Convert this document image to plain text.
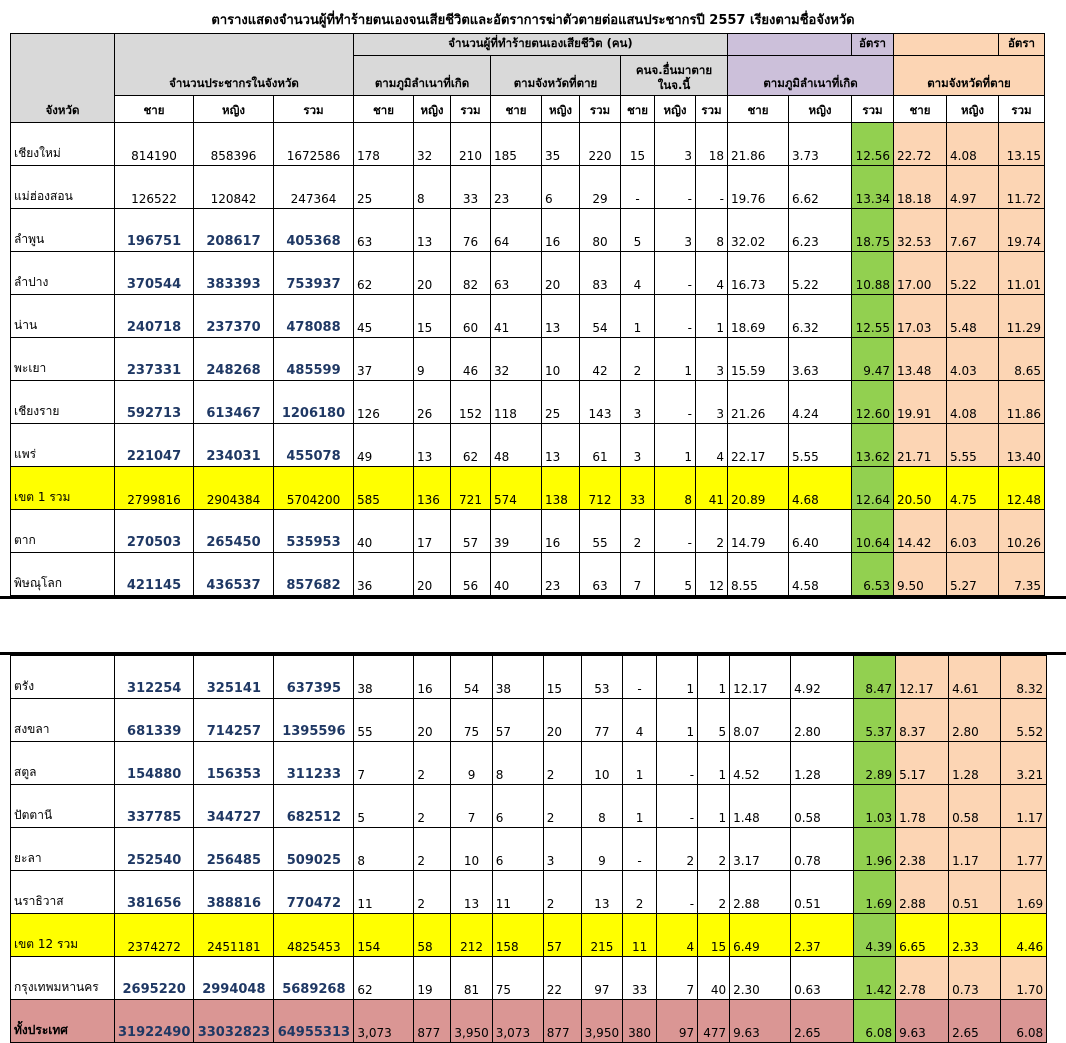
ตารางแสดงจำนวนผู้ที่ทำร้ายตนเองจนเสียชีวิตและอัตราการฆ่าตัวตายต่อแสนประชากรปี 2557 เรียงตามชื่อจังหวัด
จังหวัด	จำนวนประชากรในจังหวัด			จำนวนผู้ที่ทำร้ายตนเองเสียชีวิต (คน)											อัตรา			อัตรา
				ตามภูมิลำเนาที่เกิด			ตามจังหวัดที่ตาย			คนจ.อื่นมาตาย
ในจ.นี้			ตามภูมิลำเนาที่เกิด			ตามจังหวัดที่ตาย		
	ชาย	หญิง	รวม	ชาย	หญิง	รวม	ชาย	หญิง	รวม	ชาย	หญิง	รวม	ชาย	หญิง	รวม	ชาย	หญิง	รวม
เชียงใหม่	814190	858396	1672586	178	32	210	185	35	220	15	3	18	21.86	3.73	12.56	22.72	4.08	13.15
แม่ฮ่องสอน	126522	120842	247364	25	8	33	23	6	29	-	-	-	19.76	6.62	13.34	18.18	4.97	11.72
ลำพูน	196751	208617	405368	63	13	76	64	16	80	5	3	8	32.02	6.23	18.75	32.53	7.67	19.74
ลำปาง	370544	383393	753937	62	20	82	63	20	83	4	-	4	16.73	5.22	10.88	17.00	5.22	11.01
น่าน	240718	237370	478088	45	15	60	41	13	54	1	-	1	18.69	6.32	12.55	17.03	5.48	11.29
พะเยา	237331	248268	485599	37	9	46	32	10	42	2	1	3	15.59	3.63	9.47	13.48	4.03	8.65
เชียงราย	592713	613467	1206180	126	26	152	118	25	143	3	-	3	21.26	4.24	12.60	19.91	4.08	11.86
แพร่	221047	234031	455078	49	13	62	48	13	61	3	1	4	22.17	5.55	13.62	21.71	5.55	13.40
เขต 1 รวม	2799816	2904384	5704200	585	136	721	574	138	712	33	8	41	20.89	4.68	12.64	20.50	4.75	12.48
ตาก	270503	265450	535953	40	17	57	39	16	55	2	-	2	14.79	6.40	10.64	14.42	6.03	10.26
พิษณุโลก	421145	436537	857682	36	20	56	40	23	63	7	5	12	8.55	4.58	6.53	9.50	5.27	7.35
ตรัง	312254	325141	637395	38	16	54	38	15	53	-	1	1	12.17	4.92	8.47	12.17	4.61	8.32
สงขลา	681339	714257	1395596	55	20	75	57	20	77	4	1	5	8.07	2.80	5.37	8.37	2.80	5.52
สตูล	154880	156353	311233	7	2	9	8	2	10	1	-	1	4.52	1.28	2.89	5.17	1.28	3.21
ปัตตานี	337785	344727	682512	5	2	7	6	2	8	1	-	1	1.48	0.58	1.03	1.78	0.58	1.17
ยะลา	252540	256485	509025	8	2	10	6	3	9	-	2	2	3.17	0.78	1.96	2.38	1.17	1.77
นราธิวาส	381656	388816	770472	11	2	13	11	2	13	2	-	2	2.88	0.51	1.69	2.88	0.51	1.69
เขต 12 รวม	2374272	2451181	4825453	154	58	212	158	57	215	11	4	15	6.49	2.37	4.39	6.65	2.33	4.46
กรุงเทพมหานคร	2695220	2994048	5689268	62	19	81	75	22	97	33	7	40	2.30	0.63	1.42	2.78	0.73	1.70
ทั้งประเทศ	31922490	33032823	64955313	3,073	877	3,950	3,073	877	3,950	380	97	477	9.63	2.65	6.08	9.63	2.65	6.08
